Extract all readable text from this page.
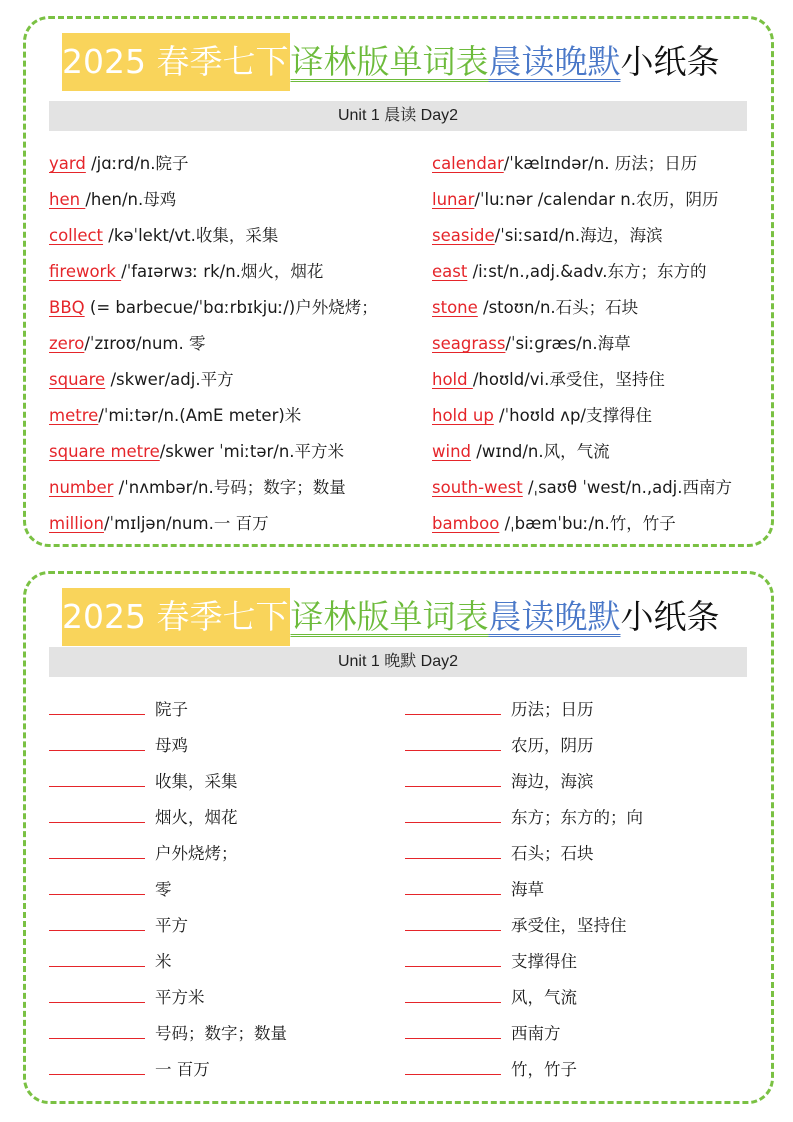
2025 春季七下 译林版单词表 晨读晚默 小纸条
Unit 1 晨读 Day2
yard /jɑːrd/n.院子
hen /hen/n.母鸡
collect /kəˈlekt/vt.收集，采集
firework /ˈfaɪərwɜː rk/n.烟火，烟花
BBQ (= barbecue/ˈbɑːrbɪkjuː/)户外烧烤；
zero/ˈzɪroʊ/num. 零
square /skwer/adj.平方
metre/ˈmiːtər/n.(AmE meter)米
square metre/skwer ˈmiːtər/n.平方米
number /ˈnʌmbər/n.号码；数字；数量
million/ˈmɪljən/num.一 百万
calendar/ˈkælɪndər/n. 历法；日历
lunar/ˈluːnər /calendar n.农历，阴历
seaside/ˈsiːsaɪd/n.海边，海滨
east /iːst/n.,adj.&adv.东方；东方的
stone /stoʊn/n.石头；石块
seagrass/ˈsiːɡræs/n.海草
hold /hoʊld/vi.承受住，坚持住
hold up /ˈhoʊld ʌp/支撑得住
wind /wɪnd/n.风，气流
south-west /ˌsaʊθ ˈwest/n.,adj.西南方
bamboo /ˌbæmˈbuː/n.竹，竹子
2025 春季七下 译林版单词表 晨读晚默 小纸条
Unit 1 晚默 Day2
院子
母鸡
收集，采集
烟火，烟花
户外烧烤；
零
平方
米
平方米
号码；数字；数量
一 百万
历法；日历
农历，阴历
海边，海滨
东方；东方的；向
石头；石块
海草
承受住，坚持住
支撑得住
风，气流
西南方
竹，竹子
